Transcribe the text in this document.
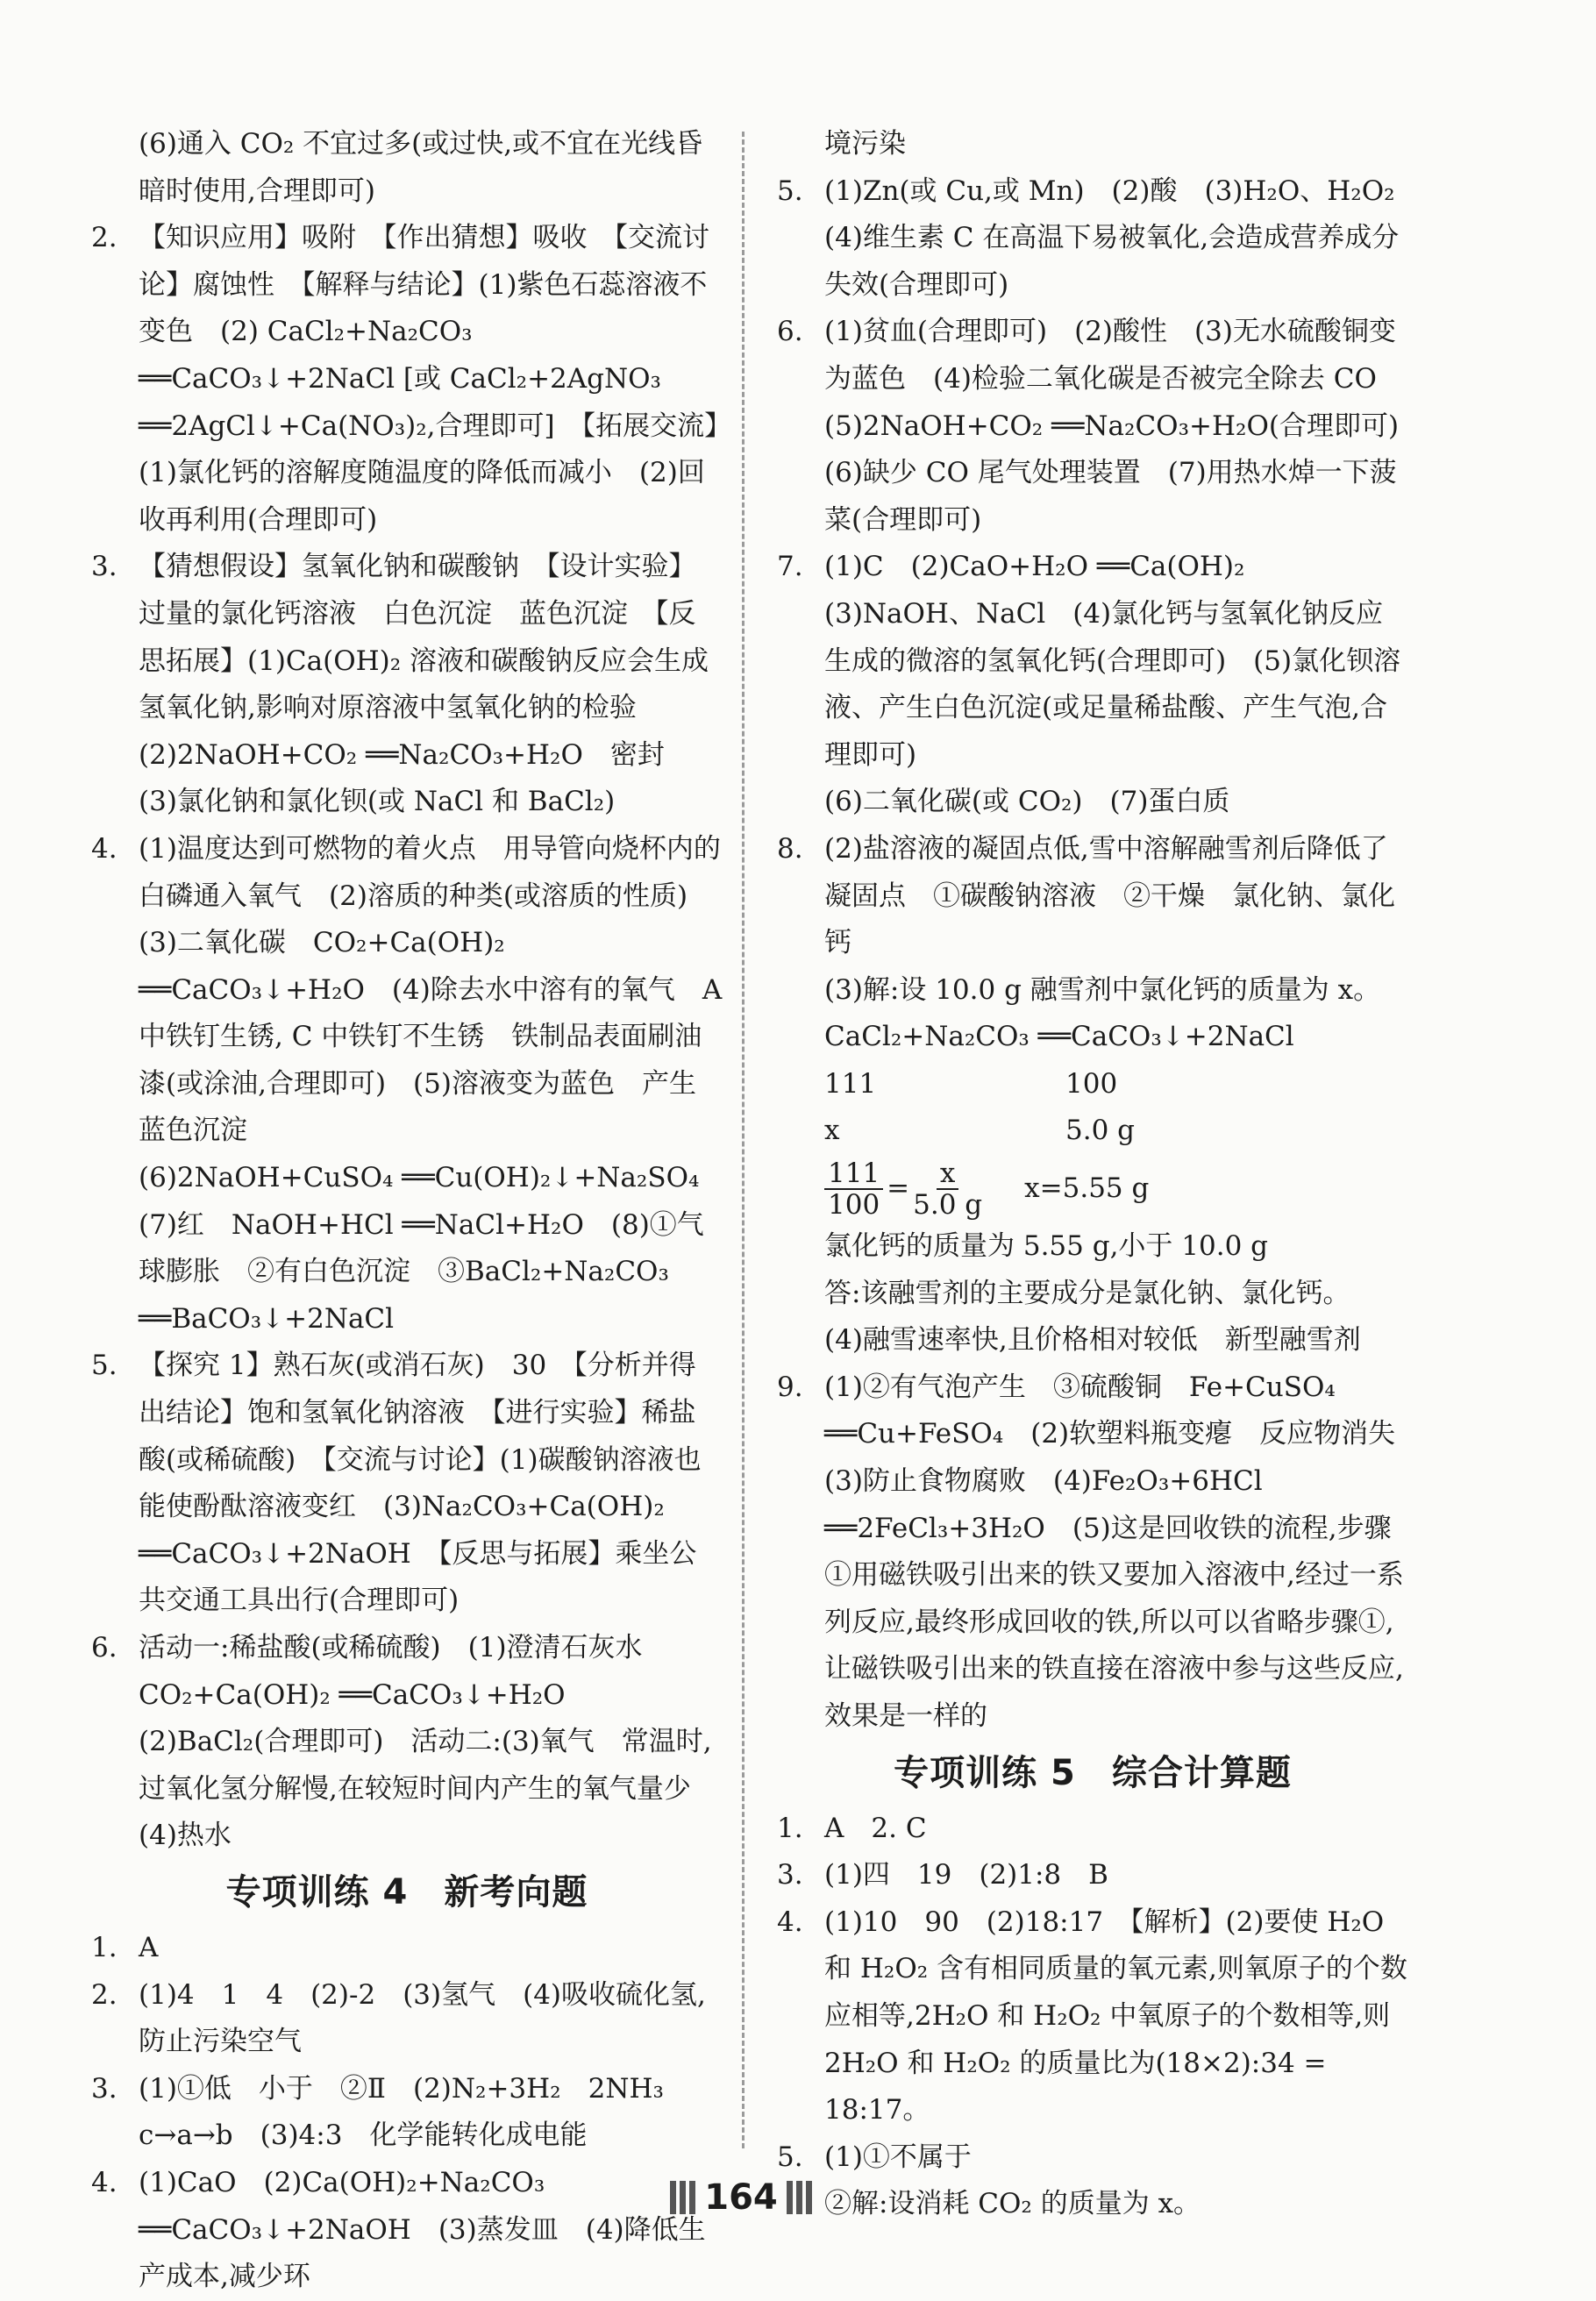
(6)通入 CO₂ 不宜过多(或过快,或不宜在光线昏
暗时使用,合理即可)
2. 【知识应用】吸附　【作出猜想】吸收　【交流讨论】腐蚀性　【解释与结论】(1)紫色石蕊溶液不变色　(2) CaCl₂+Na₂CO₃ ══CaCO₃↓+2NaCl [或 CaCl₂+2AgNO₃ ══2AgCl↓+Ca(NO₃)₂,合理即可]　【拓展交流】(1)氯化钙的溶解度随温度的降低而减小　(2)回收再利用(合理即可)
3. 【猜想假设】氢氧化钠和碳酸钠　【设计实验】过量的氯化钙溶液　白色沉淀　蓝色沉淀　【反思拓展】(1)Ca(OH)₂ 溶液和碳酸钠反应会生成氢氧化钠,影响对原溶液中氢氧化钠的检验
(2)2NaOH+CO₂ ══Na₂CO₃+H₂O　密封
(3)氯化钠和氯化钡(或 NaCl 和 BaCl₂)
4. (1)温度达到可燃物的着火点　用导管向烧杯内的白磷通入氧气　(2)溶质的种类(或溶质的性质)
(3)二氧化碳　CO₂+Ca(OH)₂ ══CaCO₃↓+H₂O　(4)除去水中溶有的氧气　A 中铁钉生锈, C 中铁钉不生锈　铁制品表面刷油漆(或涂油,合理即可)　(5)溶液变为蓝色　产生蓝色沉淀
(6)2NaOH+CuSO₄ ══Cu(OH)₂↓+Na₂SO₄
(7)红　NaOH+HCl ══NaCl+H₂O　(8)①气球膨胀　②有白色沉淀　③BaCl₂+Na₂CO₃ ══BaCO₃↓+2NaCl
5. 【探究 1】熟石灰(或消石灰)　30　【分析并得出结论】饱和氢氧化钠溶液　【进行实验】稀盐酸(或稀硫酸)　【交流与讨论】(1)碳酸钠溶液也能使酚酞溶液变红　(3)Na₂CO₃+Ca(OH)₂ ══CaCO₃↓+2NaOH　【反思与拓展】乘坐公共交通工具出行(合理即可)
6. 活动一:稀盐酸(或稀硫酸)　(1)澄清石灰水
CO₂+Ca(OH)₂ ══CaCO₃↓+H₂O　(2)BaCl₂(合理即可)　活动二:(3)氧气　常温时,过氧化氢分解慢,在较短时间内产生的氧气量少
(4)热水
专项训练 4　新考向题
1. A
2. (1)4　1　4　(2)-2　(3)氢气　(4)吸收硫化氢,防止污染空气
3. (1)①低　小于　②Ⅱ　(2)N₂+3H₂　2NH₃
c→a→b　(3)4:3　化学能转化成电能
4. (1)CaO　(2)Ca(OH)₂+Na₂CO₃ ══CaCO₃↓+2NaOH　(3)蒸发皿　(4)降低生产成本,减少环
境污染
5. (1)Zn(或 Cu,或 Mn)　(2)酸　(3)H₂O、H₂O₂
(4)维生素 C 在高温下易被氧化,会造成营养成分失效(合理即可)
6. (1)贫血(合理即可)　(2)酸性　(3)无水硫酸铜变为蓝色　(4)检验二氧化碳是否被完全除去 CO　(5)2NaOH+CO₂ ══Na₂CO₃+H₂O(合理即可)　(6)缺少 CO 尾气处理装置　(7)用热水焯一下菠菜(合理即可)
7. (1)C　(2)CaO+H₂O ══Ca(OH)₂　(3)NaOH、NaCl　(4)氯化钙与氢氧化钠反应生成的微溶的氢氧化钙(合理即可)　(5)氯化钡溶液、产生白色沉淀(或足量稀盐酸、产生气泡,合理即可)
(6)二氧化碳(或 CO₂)　(7)蛋白质
8. (2)盐溶液的凝固点低,雪中溶解融雪剂后降低了凝固点　①碳酸钠溶液　②干燥　氯化钠、氯化钙
(3)解:设 10.0 g 融雪剂中氯化钙的质量为 x。
CaCl₂+Na₂CO₃ ══CaCO₃↓+2NaCl
111	100
x	5.0 g
$\frac{111}{100} = \frac{x}{5.0 g} x=5.55$ g
氯化钙的质量为 5.55 g,小于 10.0 g
答:该融雪剂的主要成分是氯化钠、氯化钙。
(4)融雪速率快,且价格相对较低　新型融雪剂
9. (1)②有气泡产生　③硫酸铜　Fe+CuSO₄ ══Cu+FeSO₄　(2)软塑料瓶变瘪　反应物消失
(3)防止食物腐败　(4)Fe₂O₃+6HCl ══2FeCl₃+3H₂O　(5)这是回收铁的流程,步骤①用磁铁吸引出来的铁又要加入溶液中,经过一系列反应,最终形成回收的铁,所以可以省略步骤①,让磁铁吸引出来的铁直接在溶液中参与这些反应,效果是一样的
专项训练 5　综合计算题
1. A　2. C
3. (1)四　19　(2)1:8　B
4. (1)10　90　(2)18:17　【解析】(2)要使 H₂O 和 H₂O₂ 含有相同质量的氧元素,则氧原子的个数应相等,2H₂O 和 H₂O₂ 中氧原子的个数相等,则 2H₂O 和 H₂O₂ 的质量比为(18×2):34 = 18:17。
5. (1)①不属于
②解:设消耗 CO₂ 的质量为 x。
164
